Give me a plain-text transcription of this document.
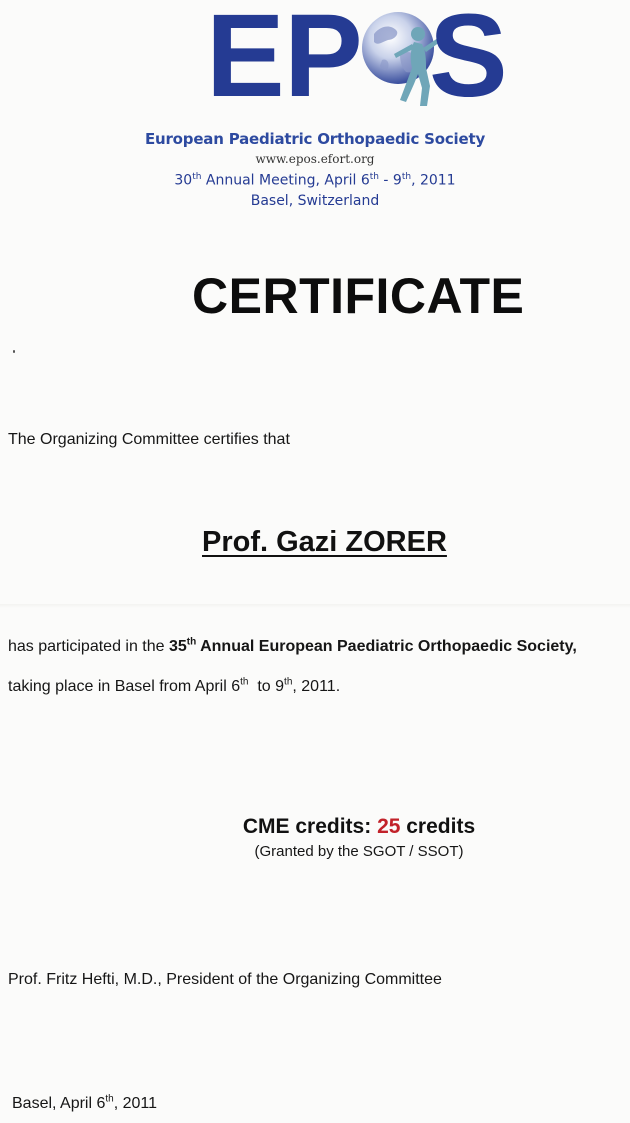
E P S
European Paediatric Orthopaedic Society
www.epos.efort.org
30th Annual Meeting, April 6th - 9th, 2011
Basel, Switzerland
CERTIFICATE
The Organizing Committee certifies that
Prof. Gazi ZORER
has participated in the 35th Annual European Paediatric Orthopaedic Society,
taking place in Basel from April 6th  to 9th, 2011.
CME credits: 25 credits
(Granted by the SGOT / SSOT)
Prof. Fritz Hefti, M.D., President of the Organizing Committee
Basel, April 6th, 2011
